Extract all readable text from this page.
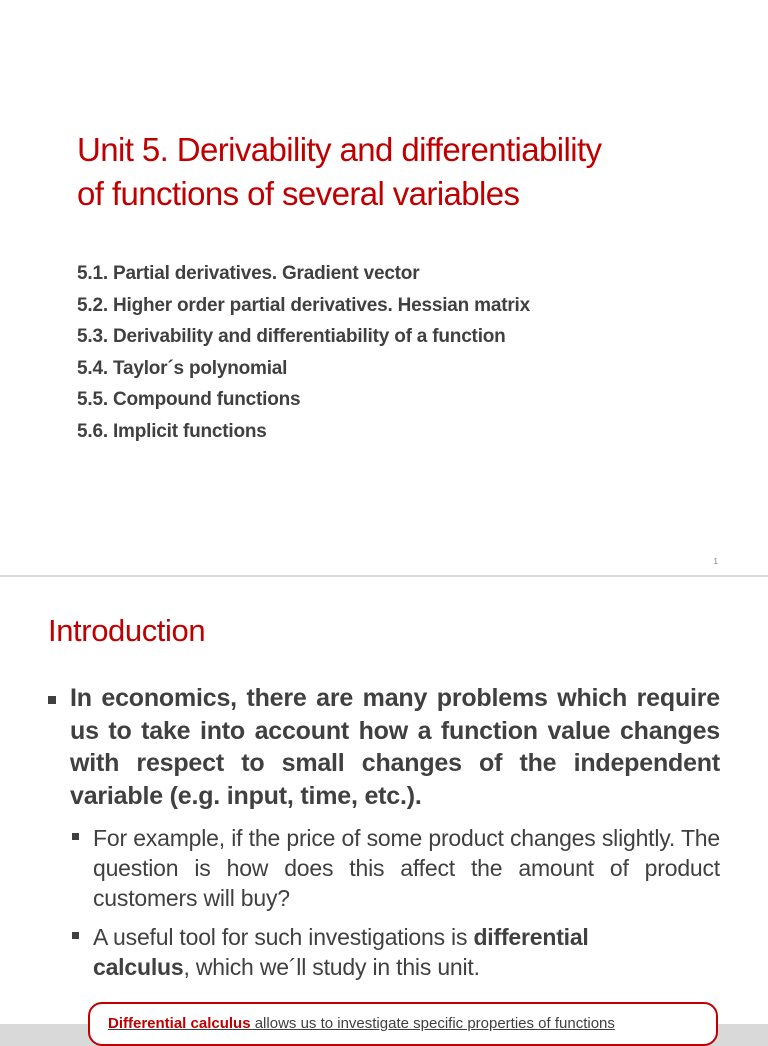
Unit 5. Derivability and differentiability
of functions of several variables
5.1. Partial derivatives. Gradient vector
5.2. Higher order partial derivatives. Hessian matrix
5.3. Derivability and differentiability of a function
5.4. Taylor´s polynomial
5.5. Compound functions
5.6. Implicit functions
1
Introduction
In economics, there are many problems which require us to take into account how a function value changes with respect to small changes of the independent variable (e.g. input, time, etc.).
For example, if the price of some product changes slightly. The question is how does this affect the amount of product customers will buy?
A useful tool for such investigations is differential
calculus, which we´ll study in this unit.
Differential calculus allows us to investigate specific properties of functions
